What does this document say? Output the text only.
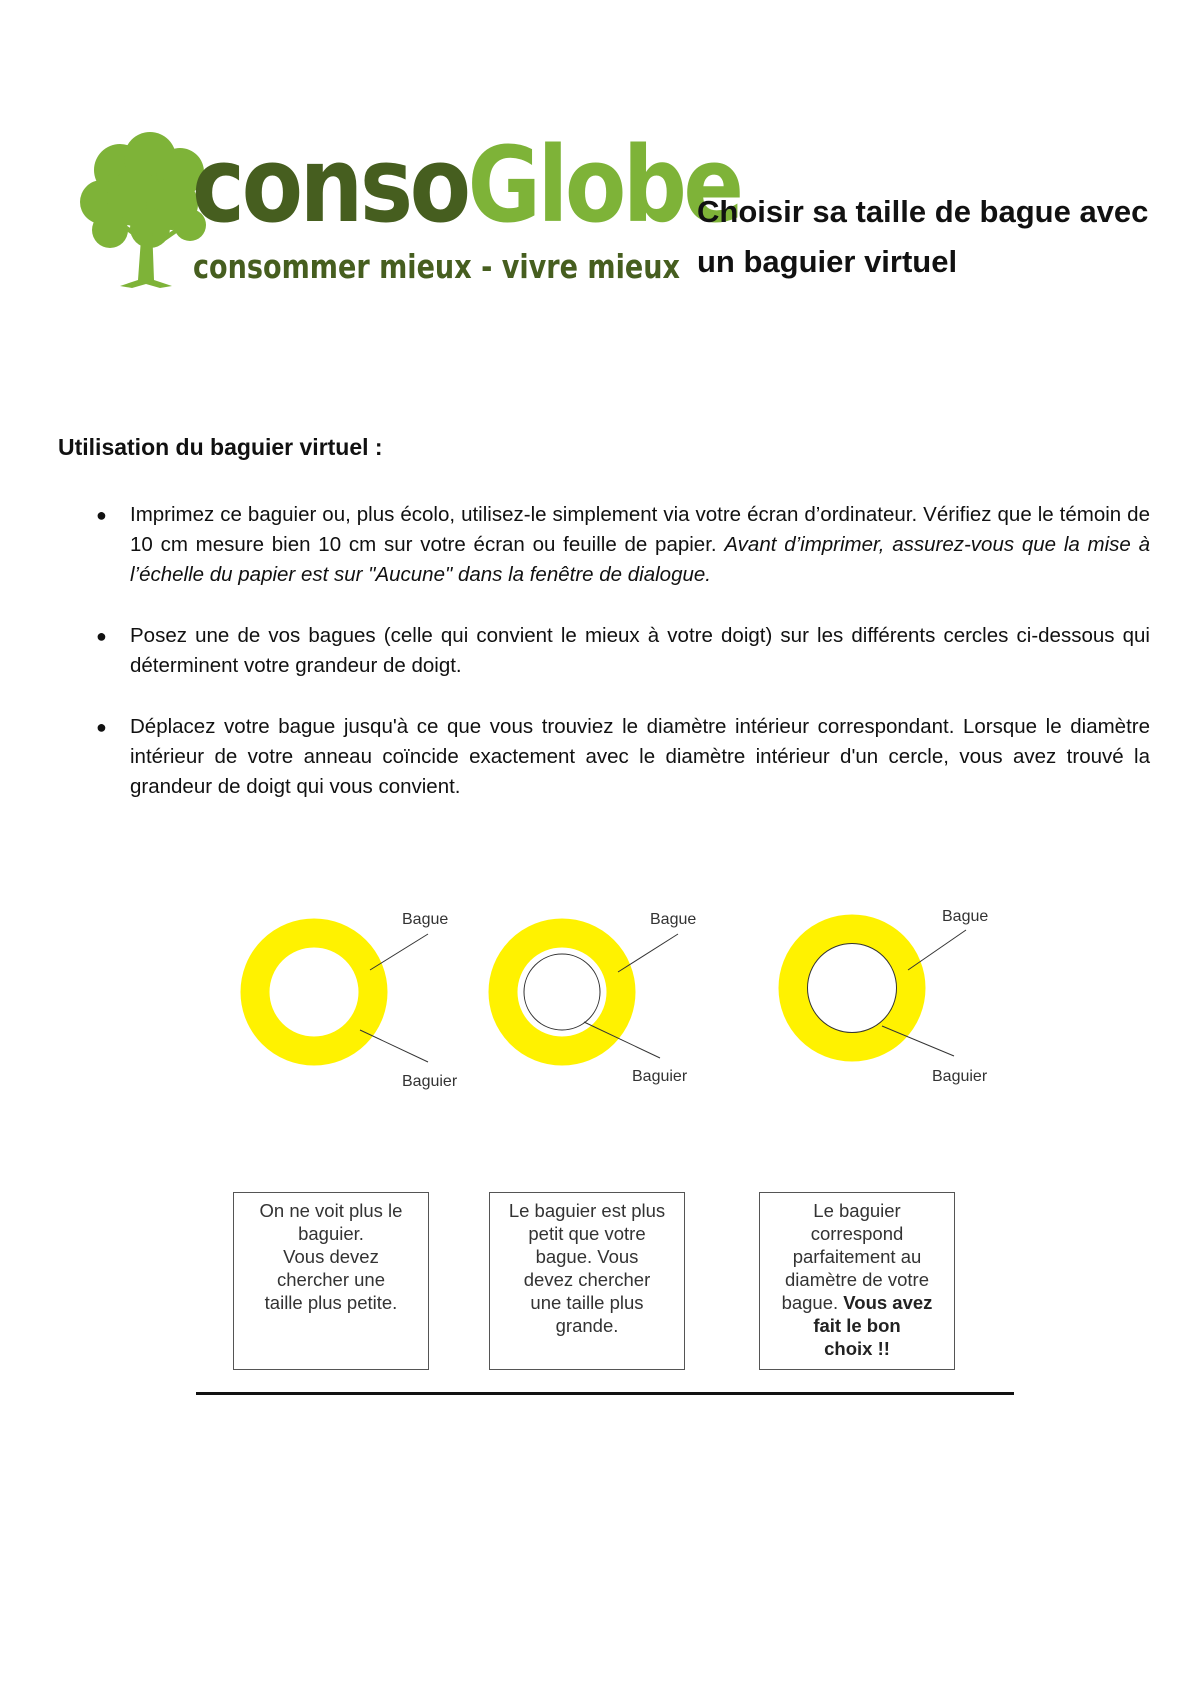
consoGlobe
consommer mieux - vivre mieux
Choisir sa taille de bague avec
un baguier virtuel
Utilisation du baguier virtuel :
● Imprimez ce baguier ou, plus écolo, utilisez-le simplement via votre écran d’ordinateur. Vérifiez que le témoin de 10 cm mesure bien 10 cm sur votre écran ou feuille de papier. Avant d’imprimer, assurez-vous que la mise à l’échelle du papier est sur "Aucune" dans la fenêtre de dialogue.
● Posez une de vos bagues (celle qui convient le mieux à votre doigt) sur les différents cercles ci-dessous qui déterminent votre grandeur de doigt.
● Déplacez votre bague jusqu'à ce que vous trouviez le diamètre intérieur correspondant. Lorsque le diamètre intérieur de votre anneau coïncide exactement avec le diamètre intérieur d'un cercle, vous avez trouvé la grandeur de doigt qui vous convient.
Bague
Baguier
Bague
Baguier
Bague
Baguier
On ne voit plus le
baguier.
Vous devez
chercher une
taille plus petite.
Le baguier est plus
petit que votre
bague. Vous
devez chercher
une taille plus
grande.
Le baguier
correspond
parfaitement au
diamètre de votre
bague. Vous avez
fait le bon
choix !!
